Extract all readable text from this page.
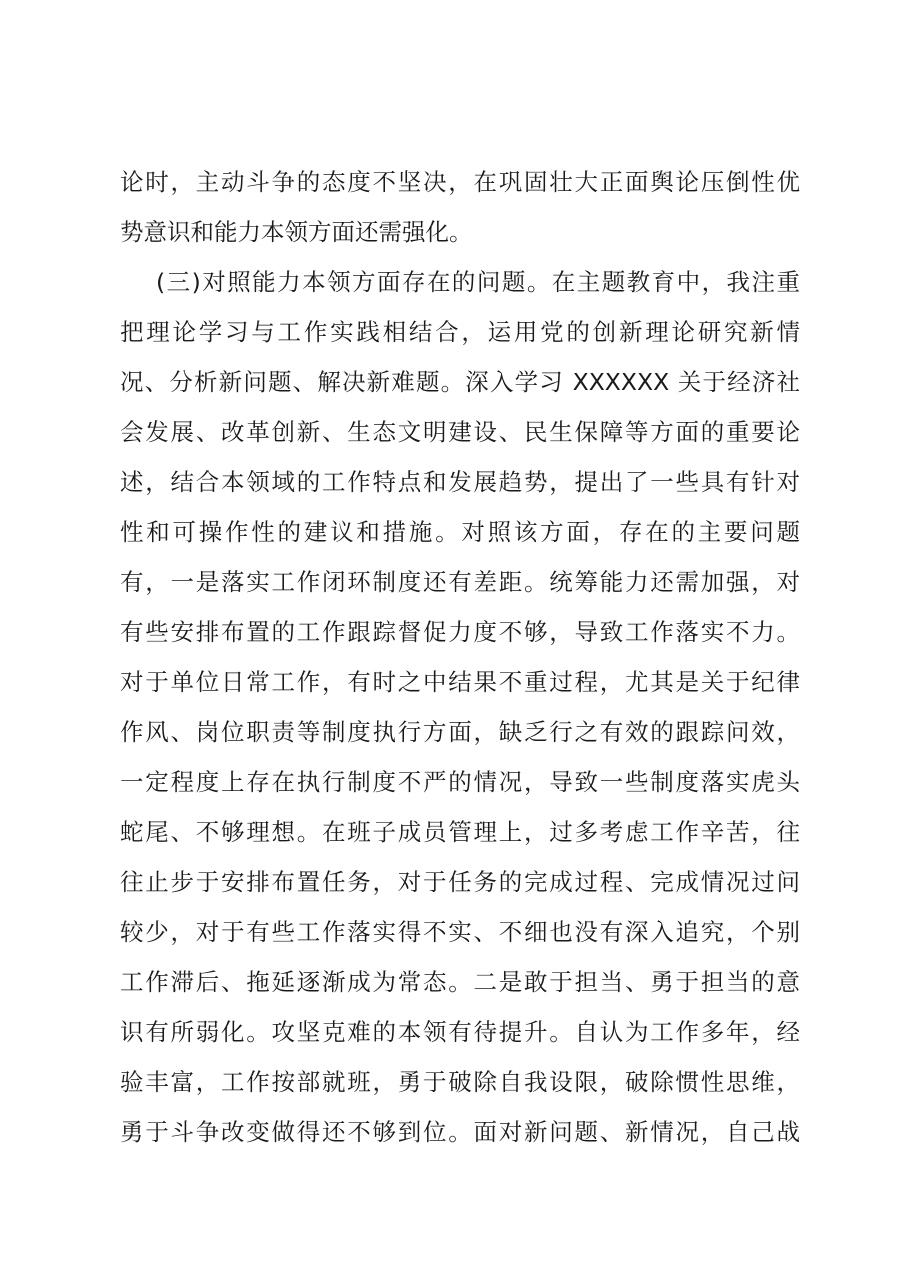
论时，主动斗争的态度不坚决，在巩固壮大正面舆论压倒性优
势意识和能力本领方面还需强化。
(三)对照能力本领方面存在的问题。在主题教育中，我注重
把理论学习与工作实践相结合，运用党的创新理论研究新情
况、分析新问题、解决新难题。深入学习 XXXXXX 关于经济社
会发展、改革创新、生态文明建设、民生保障等方面的重要论
述，结合本领域的工作特点和发展趋势，提出了一些具有针对
性和可操作性的建议和措施。对照该方面，存在的主要问题
有，一是落实工作闭环制度还有差距。统筹能力还需加强，对
有些安排布置的工作跟踪督促力度不够，导致工作落实不力。
对于单位日常工作，有时之中结果不重过程，尤其是关于纪律
作风、岗位职责等制度执行方面，缺乏行之有效的跟踪问效，
一定程度上存在执行制度不严的情况，导致一些制度落实虎头
蛇尾、不够理想。在班子成员管理上，过多考虑工作辛苦，往
往止步于安排布置任务，对于任务的完成过程、完成情况过问
较少，对于有些工作落实得不实、不细也没有深入追究，个别
工作滞后、拖延逐渐成为常态。二是敢于担当、勇于担当的意
识有所弱化。攻坚克难的本领有待提升。自认为工作多年，经
验丰富，工作按部就班，勇于破除自我设限，破除惯性思维，
勇于斗争改变做得还不够到位。面对新问题、新情况，自己战
